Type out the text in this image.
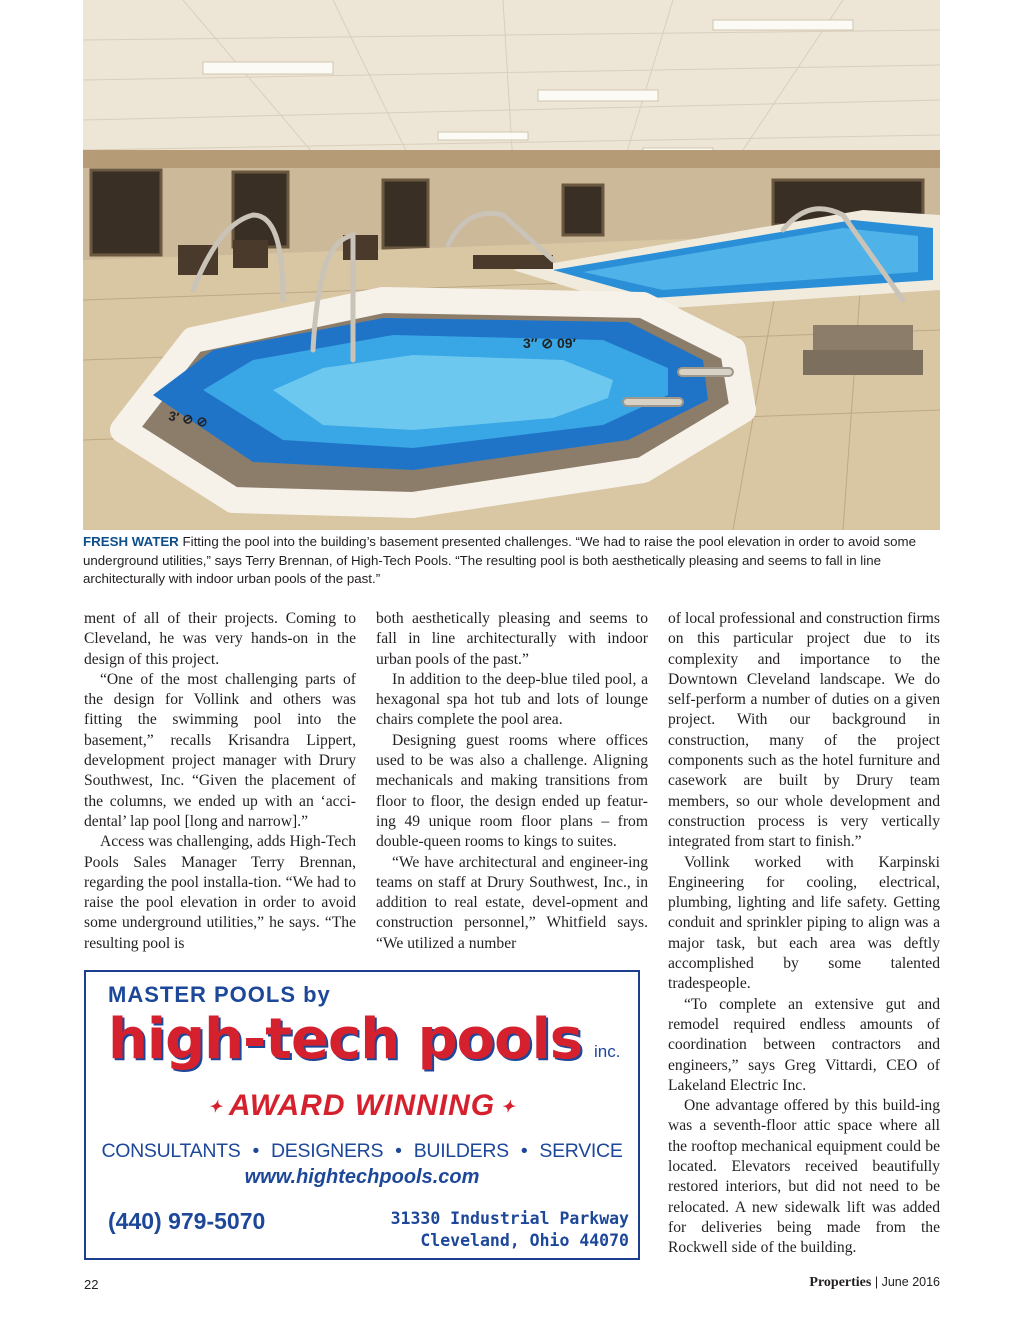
3′′ ⊘ 09′
3′ ⊘ ⊘
FRESH WATER Fitting the pool into the building’s basement presented challenges. “We had to raise the pool elevation in order to avoid some underground utilities,” says Terry Brennan, of High-Tech Pools. “The resulting pool is both aesthetically pleasing and seems to fall in line architecturally with indoor urban pools of the past.”

ment of all of their projects. Coming to Cleveland, he was very hands-on in the design of this project.

“One of the most challenging parts of the design for Vollink and others was fitting the swimming pool into the basement,” recalls Krisandra Lippert, development project manager with Drury Southwest, Inc. “Given the placement of the columns, we ended up with an ‘acci-dental’ lap pool [long and narrow].”

Access was challenging, adds High-Tech Pools Sales Manager Terry Brennan, regarding the pool installa-tion. “We had to raise the pool elevation in order to avoid some underground utilities,” he says. “The resulting pool is

both aesthetically pleasing and seems to fall in line architecturally with indoor urban pools of the past.”

In addition to the deep-blue tiled pool, a hexagonal spa hot tub and lots of lounge chairs complete the pool area.

Designing guest rooms where offices used to be was also a challenge. Aligning mechanicals and making transitions from floor to floor, the design ended up featur-ing 49 unique room floor plans – from double-queen rooms to kings to suites.

“We have architectural and engineer-ing teams on staff at Drury Southwest, Inc., in addition to real estate, devel-opment and construction personnel,” Whitfield says. “We utilized a number

of local professional and construction firms on this particular project due to its complexity and importance to the Downtown Cleveland landscape. We do self-perform a number of duties on a given project. With our background in construction, many of the project components such as the hotel furniture and casework are built by Drury team members, so our whole development and construction process is very vertically integrated from start to finish.”

Vollink worked with Karpinski Engineering for cooling, electrical, plumbing, lighting and life safety. Getting conduit and sprinkler piping to align was a major task, but each area was deftly accomplished by some talented tradespeople.

“To complete an extensive gut and remodel required endless amounts of coordination between contractors and engineers,” says Greg Vittardi, CEO of Lakeland Electric Inc.

One advantage offered by this build-ing was a seventh-floor attic space where all the rooftop mechanical equipment could be located. Elevators received beautifully restored interiors, but did not need to be relocated. A new sidewalk lift was added for deliveries being made from the Rockwell side of the building.

MASTER POOLS by
high-tech pools inc.
✦ AWARD WINNING ✦
CONSULTANTS • DESIGNERS • BUILDERS • SERVICE
www.hightechpools.com
(440) 979-5070	31330 Industrial Parkway
Cleveland, Ohio 44070
22	Properties | June 2016
